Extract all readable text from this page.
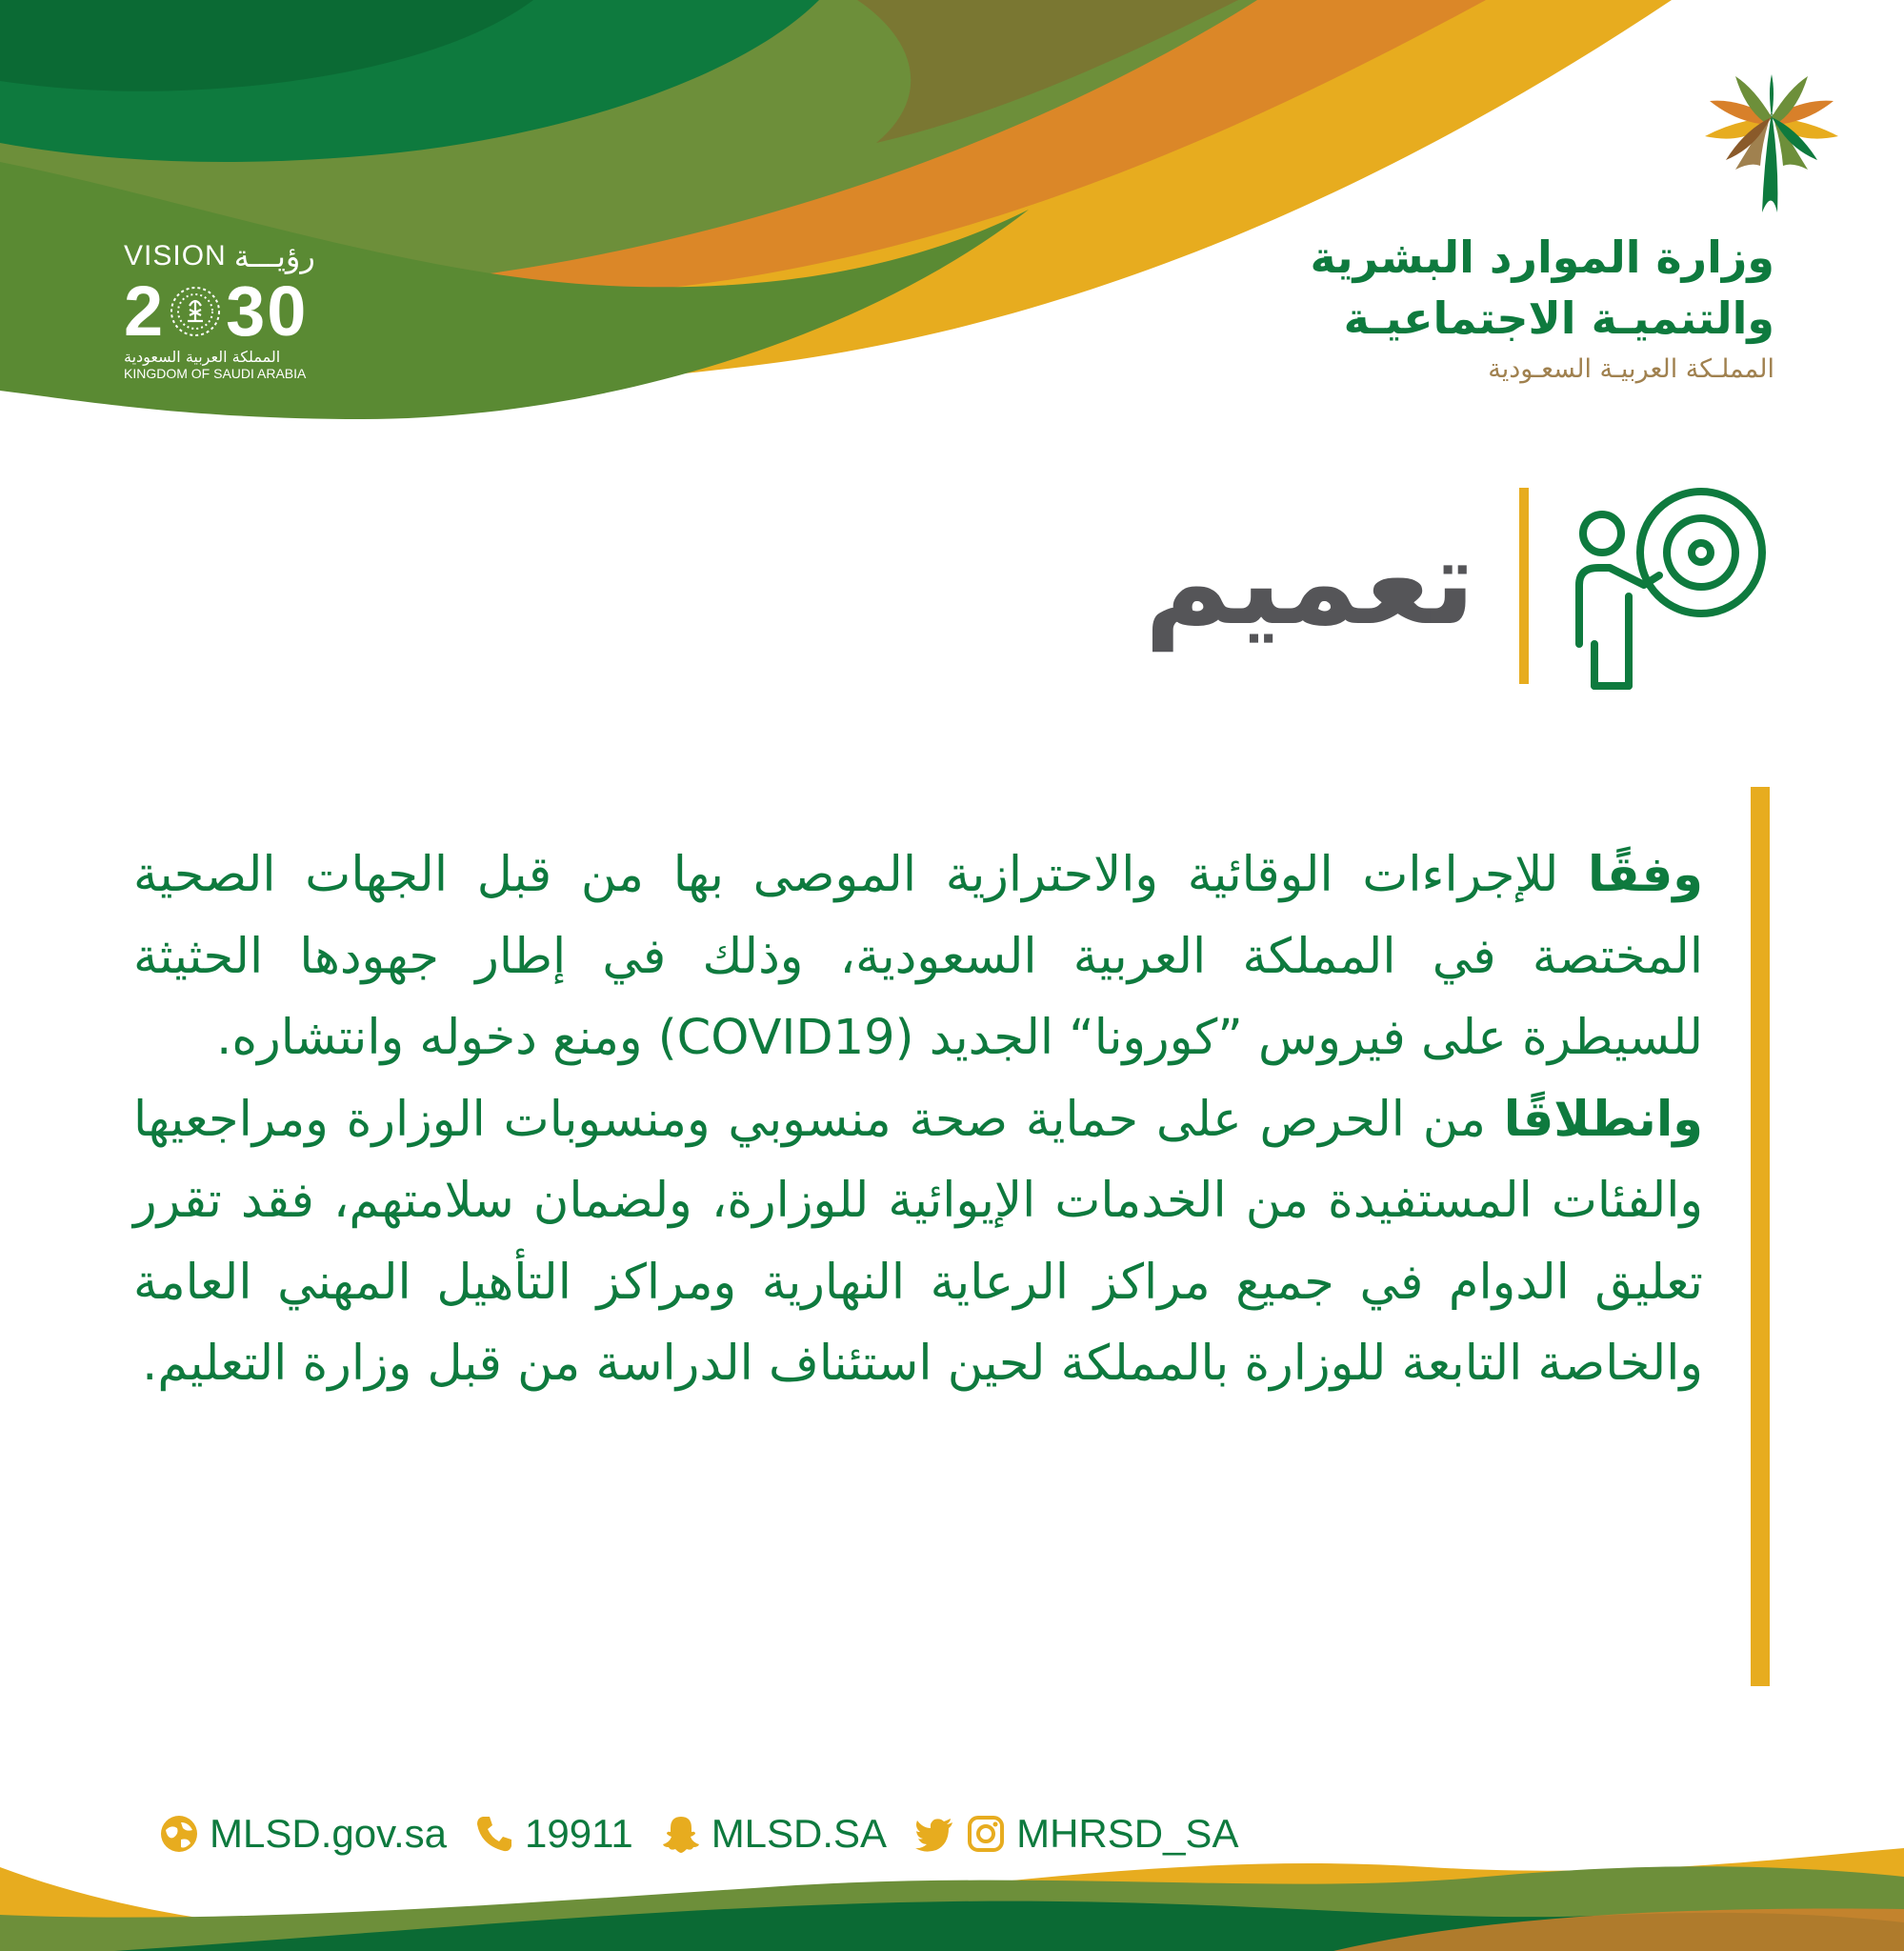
VISION رؤيـــة
2 30
المملكة العربية السعودية
KINGDOM OF SAUDI ARABIA
وزارة الموارد البشرية
والتنميـة الاجتماعيـة
المملـكة العربيـة السعـودية
تعميم

وفقًا للإجراءات الوقائية والاحترازية الموصى بها من قبل الجهات الصحية المختصة في المملكة العربية السعودية، وذلك في إطار جهودها الحثيثة للسيطرة على فيروس ”كورونا“ الجديد (COVID19) ومنع دخوله وانتشاره.

وانطلاقًا من الحرص على حماية صحة منسوبي ومنسوبات الوزارة ومراجعيها والفئات المستفيدة من الخدمات الإيوائية للوزارة، ولضمان سلامتهم، فقد تقرر تعليق الدوام في جميع مراكز الرعاية النهارية ومراكز التأهيل المهني العامة والخاصة التابعة للوزارة بالمملكة لحين استئناف الدراسة من قبل وزارة التعليم.

MLSD.gov.sa 19911 MLSD.SA	MHRSD_SA
